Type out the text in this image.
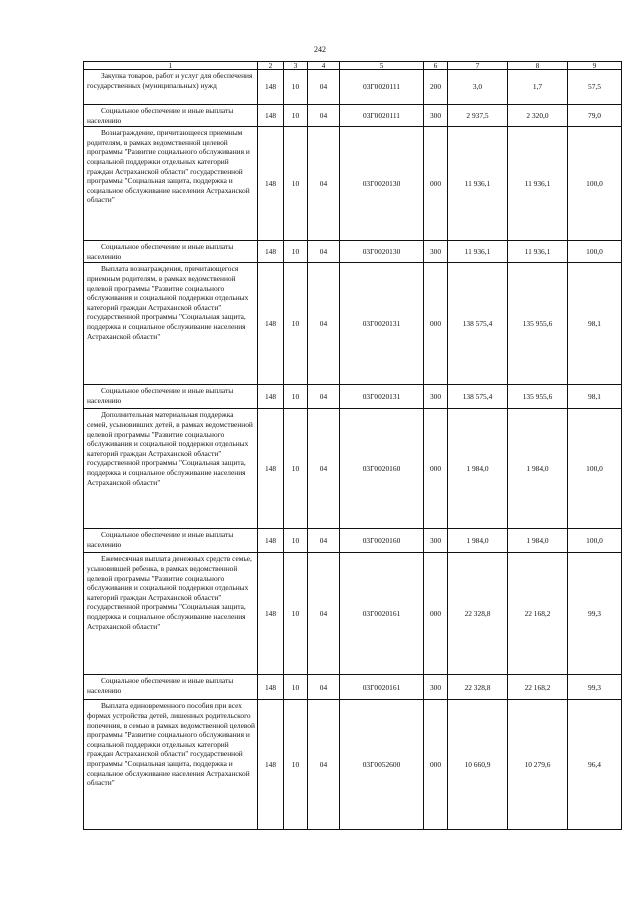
242
1	2	3	4	5	6	7	8	9

Закупка товаров, работ и услуг для обеспечения государственных (муниципальных) нужд	148	10	04	03Г0020111	200	3,0	1,7	57,5

Социальное обеспечение и иные выплаты населению	148	10	04	03Г0020111	300	2 937,5	2 320,0	79,0

Вознаграждение, причитающееся приемным родителям, в рамках ведомственной целевой программы "Развитие социального обслуживания и социальной поддержки отдельных категорий граждан Астраханской области" государственной программы "Социальная защита, поддержка и социальное обслуживание населения Астраханской области"	148	10	04	03Г0020130	000	11 936,1	11 936,1	100,0

Социальное обеспечение и иные выплаты населению	148	10	04	03Г0020130	300	11 936,1	11 936,1	100,0

Выплата вознаграждения, причитающегося приемным родителям, в рамках ведомственной целевой программы "Развитие социального обслуживания и социальной поддержки отдельных категорий граждан Астраханской области" государственной программы "Социальная защита, поддержка и социальное обслуживание населения Астраханской области"	148	10	04	03Г0020131	000	138 575,4	135 955,6	98,1

Социальное обеспечение и иные выплаты населению	148	10	04	03Г0020131	300	138 575,4	135 955,6	98,1

Дополнительная материальная поддержка семей, усыновивших детей, в рамках ведомственной целевой программы "Развитие социального обслуживания и социальной поддержки отдельных категорий граждан Астраханской области" государственной программы "Социальная защита, поддержка и социальное обслуживание населения Астраханской области"	148	10	04	03Г0020160	000	1 984,0	1 984,0	100,0

Социальное обеспечение и иные выплаты населению	148	10	04	03Г0020160	300	1 984,0	1 984,0	100,0

Ежемесячная выплата денежных средств семье, усыновившей ребенка, в рамках ведомственной целевой программы "Развитие социального обслуживания и социальной поддержки отдельных категорий граждан Астраханской области" государственной программы "Социальная защита, поддержка и социальное обслуживание населения Астраханской области"	148	10	04	03Г0020161	000	22 328,8	22 168,2	99,3

Социальное обеспечение и иные выплаты населению	148	10	04	03Г0020161	300	22 328,8	22 168,2	99,3

Выплата единовременного пособия при всех формах устройства детей, лишенных родительского попечения, в семью в рамках ведомственной целевой программы "Развитие социального обслуживания и социальной поддержки отдельных категорий граждан Астраханской области" государственной программы "Социальная защита, поддержка и социальное обслуживание населения Астраханской области"	148	10	04	03Г0052600	000	10 660,9	10 279,6	96,4
